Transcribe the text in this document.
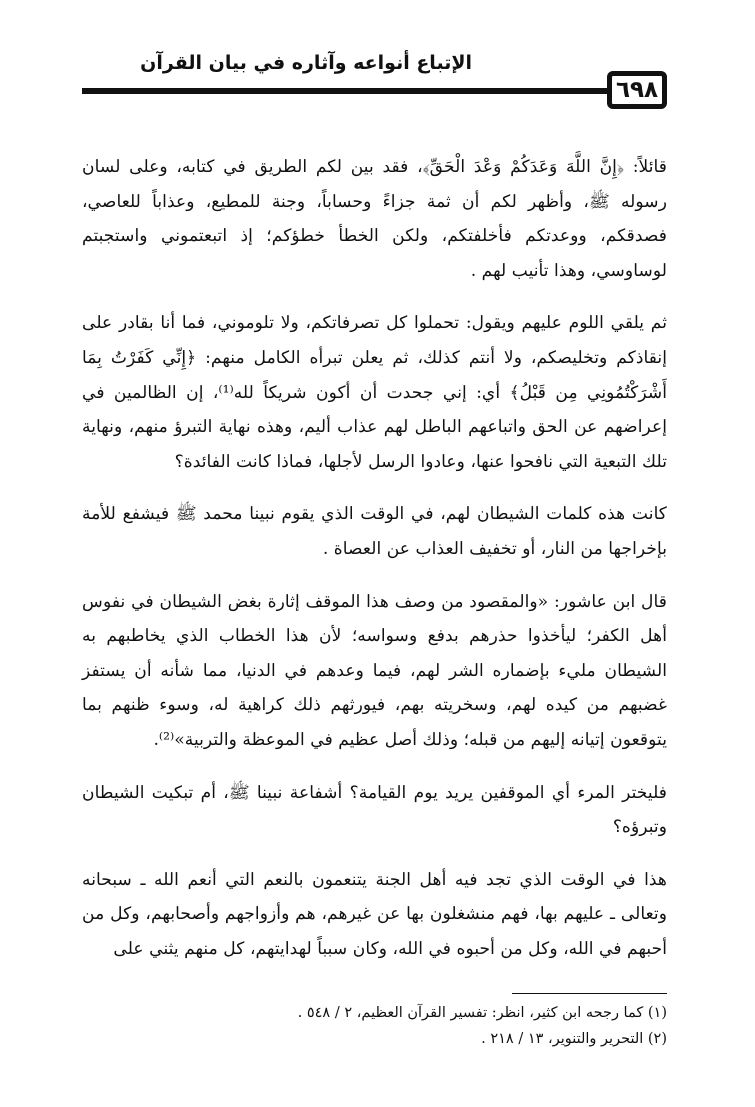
الإتباع أنواعه وآثاره في بيان القرآن
٦٩٨

قائلاً: ﴿إِنَّ اللَّهَ وَعَدَكُمْ وَعْدَ الْحَقِّ﴾، فقد بين لكم الطريق في كتابه، وعلى لسان رسوله ﷺ، وأظهر لكم أن ثمة جزاءً وحساباً، وجنة للمطيع، وعذاباً للعاصي، فصدقكم، ووعدتكم فأخلفتكم، ولكن الخطأ خطؤكم؛ إذ اتبعتموني واستجبتم لوساوسي، وهذا تأنيب لهم .

ثم يلقي اللوم عليهم ويقول: تحملوا كل تصرفاتكم، ولا تلوموني، فما أنا بقادر على إنقاذكم وتخليصكم، ولا أنتم كذلك، ثم يعلن تبرأه الكامل منهم: ﴿إِنِّي كَفَرْتُ بِمَا أَشْرَكْتُمُونِي مِن قَبْلُ﴾ أي: إني جحدت أن أكون شريكاً لله⁽¹⁾، إن الظالمين في إعراضهم عن الحق واتباعهم الباطل لهم عذاب أليم، وهذه نهاية التبرؤ منهم، ونهاية تلك التبعية التي نافحوا عنها، وعادوا الرسل لأجلها، فماذا كانت الفائدة؟

كانت هذه كلمات الشيطان لهم، في الوقت الذي يقوم نبينا محمد ﷺ فيشفع للأمة بإخراجها من النار، أو تخفيف العذاب عن العصاة .

قال ابن عاشور: «والمقصود من وصف هذا الموقف إثارة بغض الشيطان في نفوس أهل الكفر؛ ليأخذوا حذرهم بدفع وسواسه؛ لأن هذا الخطاب الذي يخاطبهم به الشيطان مليء بإضماره الشر لهم، فيما وعدهم في الدنيا، مما شأنه أن يستفز غضبهم من كيده لهم، وسخريته بهم، فيورثهم ذلك كراهية له، وسوء ظنهم بما يتوقعون إتيانه إليهم من قبله؛ وذلك أصل عظيم في الموعظة والتربية»⁽²⁾.

فليختر المرء أي الموقفين يريد يوم القيامة؟ أشفاعة نبينا ﷺ، أم تبكيت الشيطان وتبرؤه؟

هذا في الوقت الذي تجد فيه أهل الجنة يتنعمون بالنعم التي أنعم الله ـ سبحانه وتعالى ـ عليهم بها، فهم منشغلون بها عن غيرهم، هم وأزواجهم وأصحابهم، وكل من أحبهم في الله، وكل من أحبوه في الله، وكان سبباً لهدايتهم، كل منهم يثني على

(١) كما رجحه ابن كثير، انظر: تفسير القرآن العظيم، ٢ / ٥٤٨ .
(٢) التحرير والتنوير، ١٣ / ٢١٨ .
